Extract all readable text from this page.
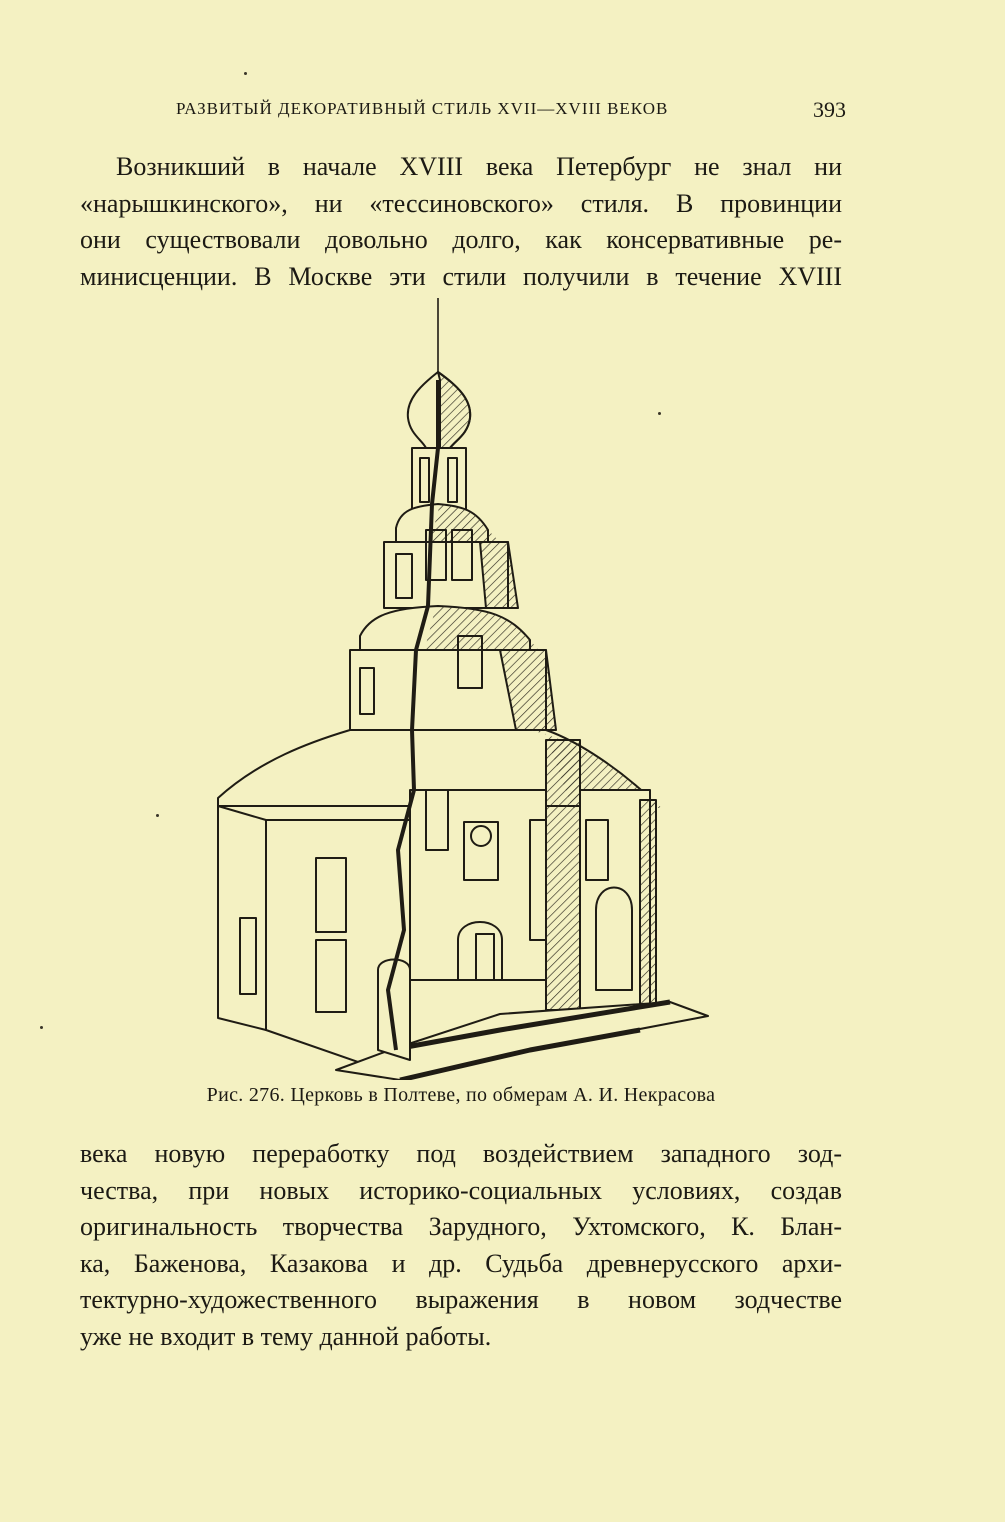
РАЗВИТЫЙ ДЕКОРАТИВНЫЙ СТИЛЬ XVII—XVIII ВЕКОВ	393

Возникший в начале XVIII века Петербург не знал ни
«нарышкинского», ни «тессиновского» стиля. В провинции
они существовали довольно долго, как консервативные ре-
минисценции. В Москве эти стили получили в течение XVIII

Рис. 276. Церковь в Полтеве, по обмерам А. И. Некрасова

века новую переработку под воздействием западного зод-
чества, при новых историко-социальных условиях, создав
оригинальность творчества Зарудного, Ухтомского, К. Блан-
ка, Баженова, Казакова и др. Судьба древнерусского архи-
тектурно-художественного выражения в новом зодчестве
уже не входит в тему данной работы.
